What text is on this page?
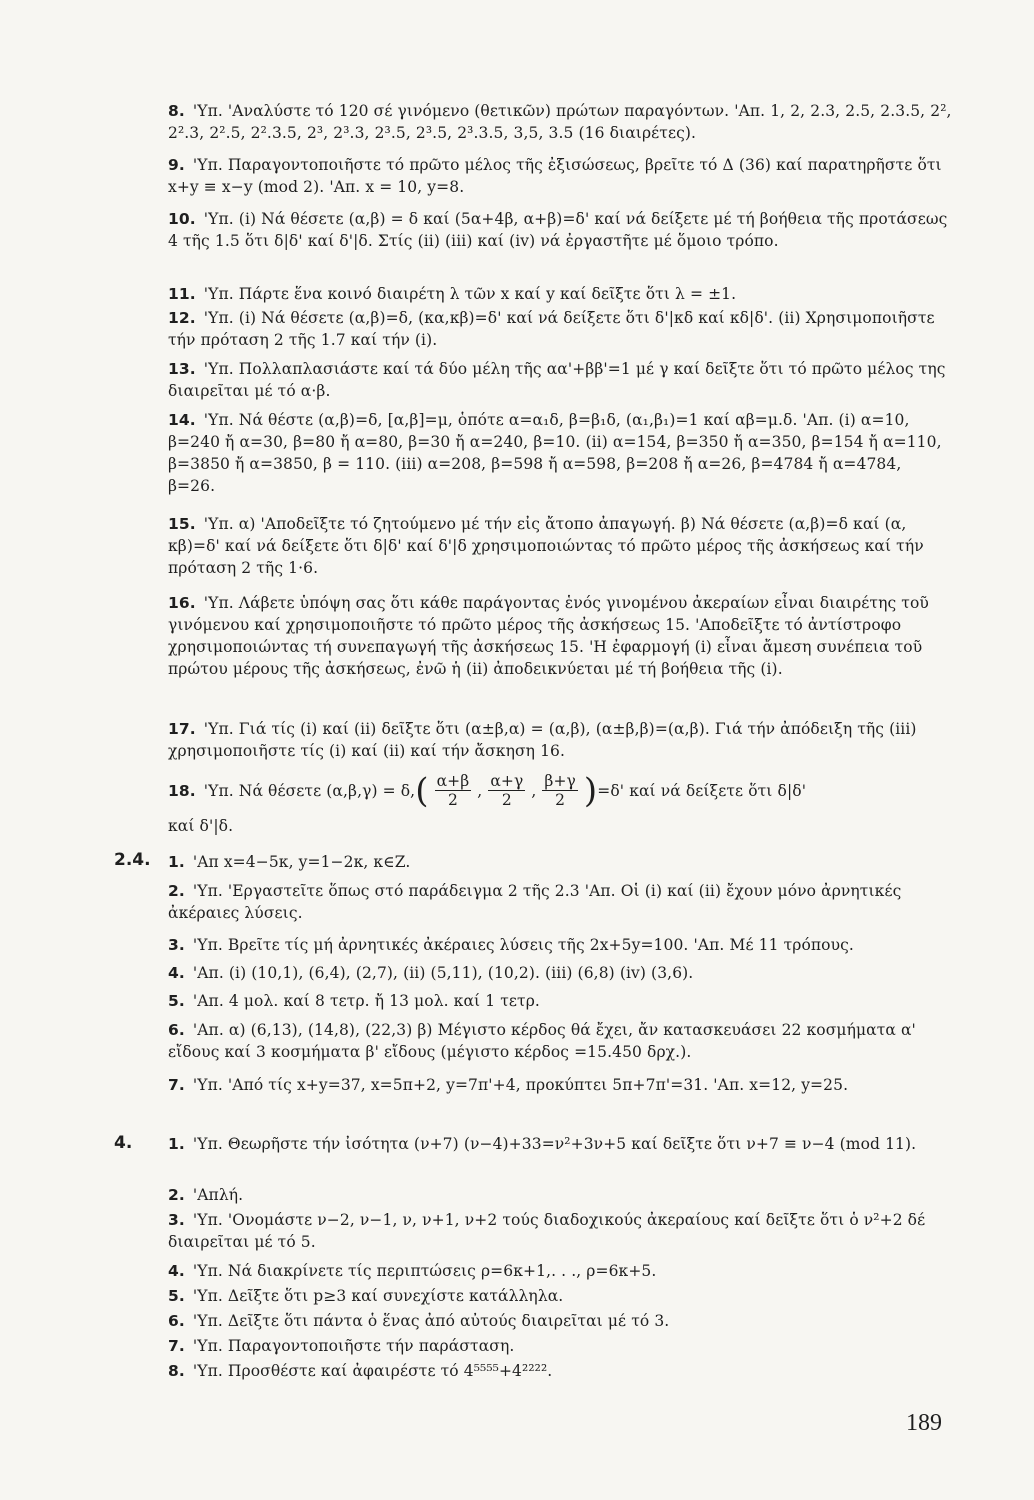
8. 'Υπ. 'Αναλύστε τό 120 σέ γινόμενο (θετικῶν) πρώτων παραγόντων. 'Απ. 1, 2, 2.3, 2.5, 2.3.5, 2², 2².3, 2².5, 2².3.5, 2³, 2³.3, 2³.5, 2³.5, 2³.3.5, 3,5, 3.5 (16 διαιρέτες).

9. 'Υπ. Παραγοντοποιῆστε τό πρῶτο μέλος τῆς ἐξισώσεως, βρεῖτε τό Δ (36) καί παρατηρῆστε ὅτι x+y ≡ x−y (mod 2). 'Απ. x = 10, y=8.

10. 'Υπ. (i) Νά θέσετε (α,β) = δ καί (5α+4β, α+β)=δ' καί νά δείξετε μέ τή βοήθεια τῆς προτάσεως 4 τῆς 1.5 ὅτι δ|δ' καί δ'|δ. Στίς (ii) (iii) καί (iv) νά ἐργαστῆτε μέ ὅμοιο τρόπο.

11. 'Υπ. Πάρτε ἕνα κοινό διαιρέτη λ τῶν x καί y καί δεῖξτε ὅτι λ = ±1.

12. 'Υπ. (i) Νά θέσετε (α,β)=δ, (κα,κβ)=δ' καί νά δείξετε ὅτι δ'|κδ καί κδ|δ'. (ii) Χρησιμοποιῆστε τήν πρόταση 2 τῆς 1.7 καί τήν (i).

13. 'Υπ. Πολλαπλασιάστε καί τά δύο μέλη τῆς αα'+ββ'=1 μέ γ καί δεῖξτε ὅτι τό πρῶτο μέλος της διαιρεῖται μέ τό α·β.

14. 'Υπ. Νά θέστε (α,β)=δ, [α,β]=μ, ὁπότε α=α₁δ, β=β₁δ, (α₁,β₁)=1 καί αβ=μ.δ. 'Απ. (i) α=10, β=240 ἤ α=30, β=80 ἤ α=80, β=30 ἤ α=240, β=10. (ii) α=154, β=350 ἤ α=350, β=154 ἤ α=110, β=3850 ἤ α=3850, β = 110. (iii) α=208, β=598 ἤ α=598, β=208 ἤ α=26, β=4784 ἤ α=4784, β=26.

15. 'Υπ. α) 'Αποδεῖξτε τό ζητούμενο μέ τήν εἰς ἄτοπο ἀπαγωγή. β) Νά θέσετε (α,β)=δ καί (α, κβ)=δ' καί νά δείξετε ὅτι δ|δ' καί δ'|δ χρησιμοποιώντας τό πρῶτο μέρος τῆς ἀσκήσεως καί τήν πρόταση 2 τῆς 1·6.

16. 'Υπ. Λάβετε ὑπόψη σας ὅτι κάθε παράγοντας ἑνός γινομένου ἀκεραίων εἶναι διαιρέτης τοῦ γινόμενου καί χρησιμοποιῆστε τό πρῶτο μέρος τῆς ἀσκήσεως 15. 'Αποδεῖξτε τό ἀντίστροφο χρησιμοποιώντας τή συνεπαγωγή τῆς ἀσκήσεως 15. 'Η ἐφαρμογή (i) εἶναι ἄμεση συνέπεια τοῦ πρώτου μέρους τῆς ἀσκήσεως, ἐνῶ ἡ (ii) ἀποδεικνύεται μέ τή βοήθεια τῆς (i).

17. 'Υπ. Γιά τίς (i) καί (ii) δεῖξτε ὅτι (α±β,α) = (α,β), (α±β,β)=(α,β). Γιά τήν ἀπόδειξη τῆς (iii) χρησιμοποιῆστε τίς (i) καί (ii) καί τήν ἄσκηση 16.

18. 'Υπ. Νά θέσετε (α,β,γ) = δ, ( $\frac{\alpha+\beta}{2}$ , $\frac{\alpha+\gamma}{2}$ , $\frac{\beta+\gamma}{2}$ ) =δ' καί νά δείξετε ὅτι δ|δ'

καί δ'|δ.

2.4. 1. 'Απ x=4−5κ, y=1−2κ, κ∈Z.

2. 'Υπ. 'Εργαστεῖτε ὅπως στό παράδειγμα 2 τῆς 2.3 'Απ. Οἱ (i) καί (ii) ἔχουν μόνο ἀρνητικές ἀκέραιες λύσεις.

3. 'Υπ. Βρεῖτε τίς μή ἀρνητικές ἀκέραιες λύσεις τῆς 2x+5y=100. 'Απ. Μέ 11 τρόπους.

4. 'Απ. (i) (10,1), (6,4), (2,7), (ii) (5,11), (10,2). (iii) (6,8) (iv) (3,6).

5. 'Απ. 4 μολ. καί 8 τετρ. ἤ 13 μολ. καί 1 τετρ.

6. 'Απ. α) (6,13), (14,8), (22,3) β) Μέγιστο κέρδος θά ἔχει, ἄν κατασκευάσει 22 κοσμήματα α' εἴδους καί 3 κοσμήματα β' εἴδους (μέγιστο κέρδος =15.450 δρχ.).

7. 'Υπ. 'Από τίς x+y=37, x=5π+2, y=7π'+4, προκύπτει 5π+7π'=31. 'Απ. x=12, y=25.

4. 1. 'Υπ. Θεωρῆστε τήν ἰσότητα (ν+7) (ν−4)+33=ν²+3ν+5 καί δεῖξτε ὅτι ν+7 ≡ ν−4 (mod 11).

2. 'Απλή.

3. 'Υπ. 'Ονομάστε ν−2, ν−1, ν, ν+1, ν+2 τούς διαδοχικούς ἀκεραίους καί δεῖξτε ὅτι ὁ ν²+2 δέ διαιρεῖται μέ τό 5.

4. 'Υπ. Νά διακρίνετε τίς περιπτώσεις ρ=6κ+1,. . ., ρ=6κ+5.

5. 'Υπ. Δεῖξτε ὅτι p≥3 καί συνεχίστε κατάλληλα.

6. 'Υπ. Δεῖξτε ὅτι πάντα ὁ ἕνας ἀπό αὐτούς διαιρεῖται μέ τό 3.

7. 'Υπ. Παραγοντοποιῆστε τήν παράσταση.

8. 'Υπ. Προσθέστε καί ἀφαιρέστε τό 4⁵⁵⁵⁵+4²²²².

189
